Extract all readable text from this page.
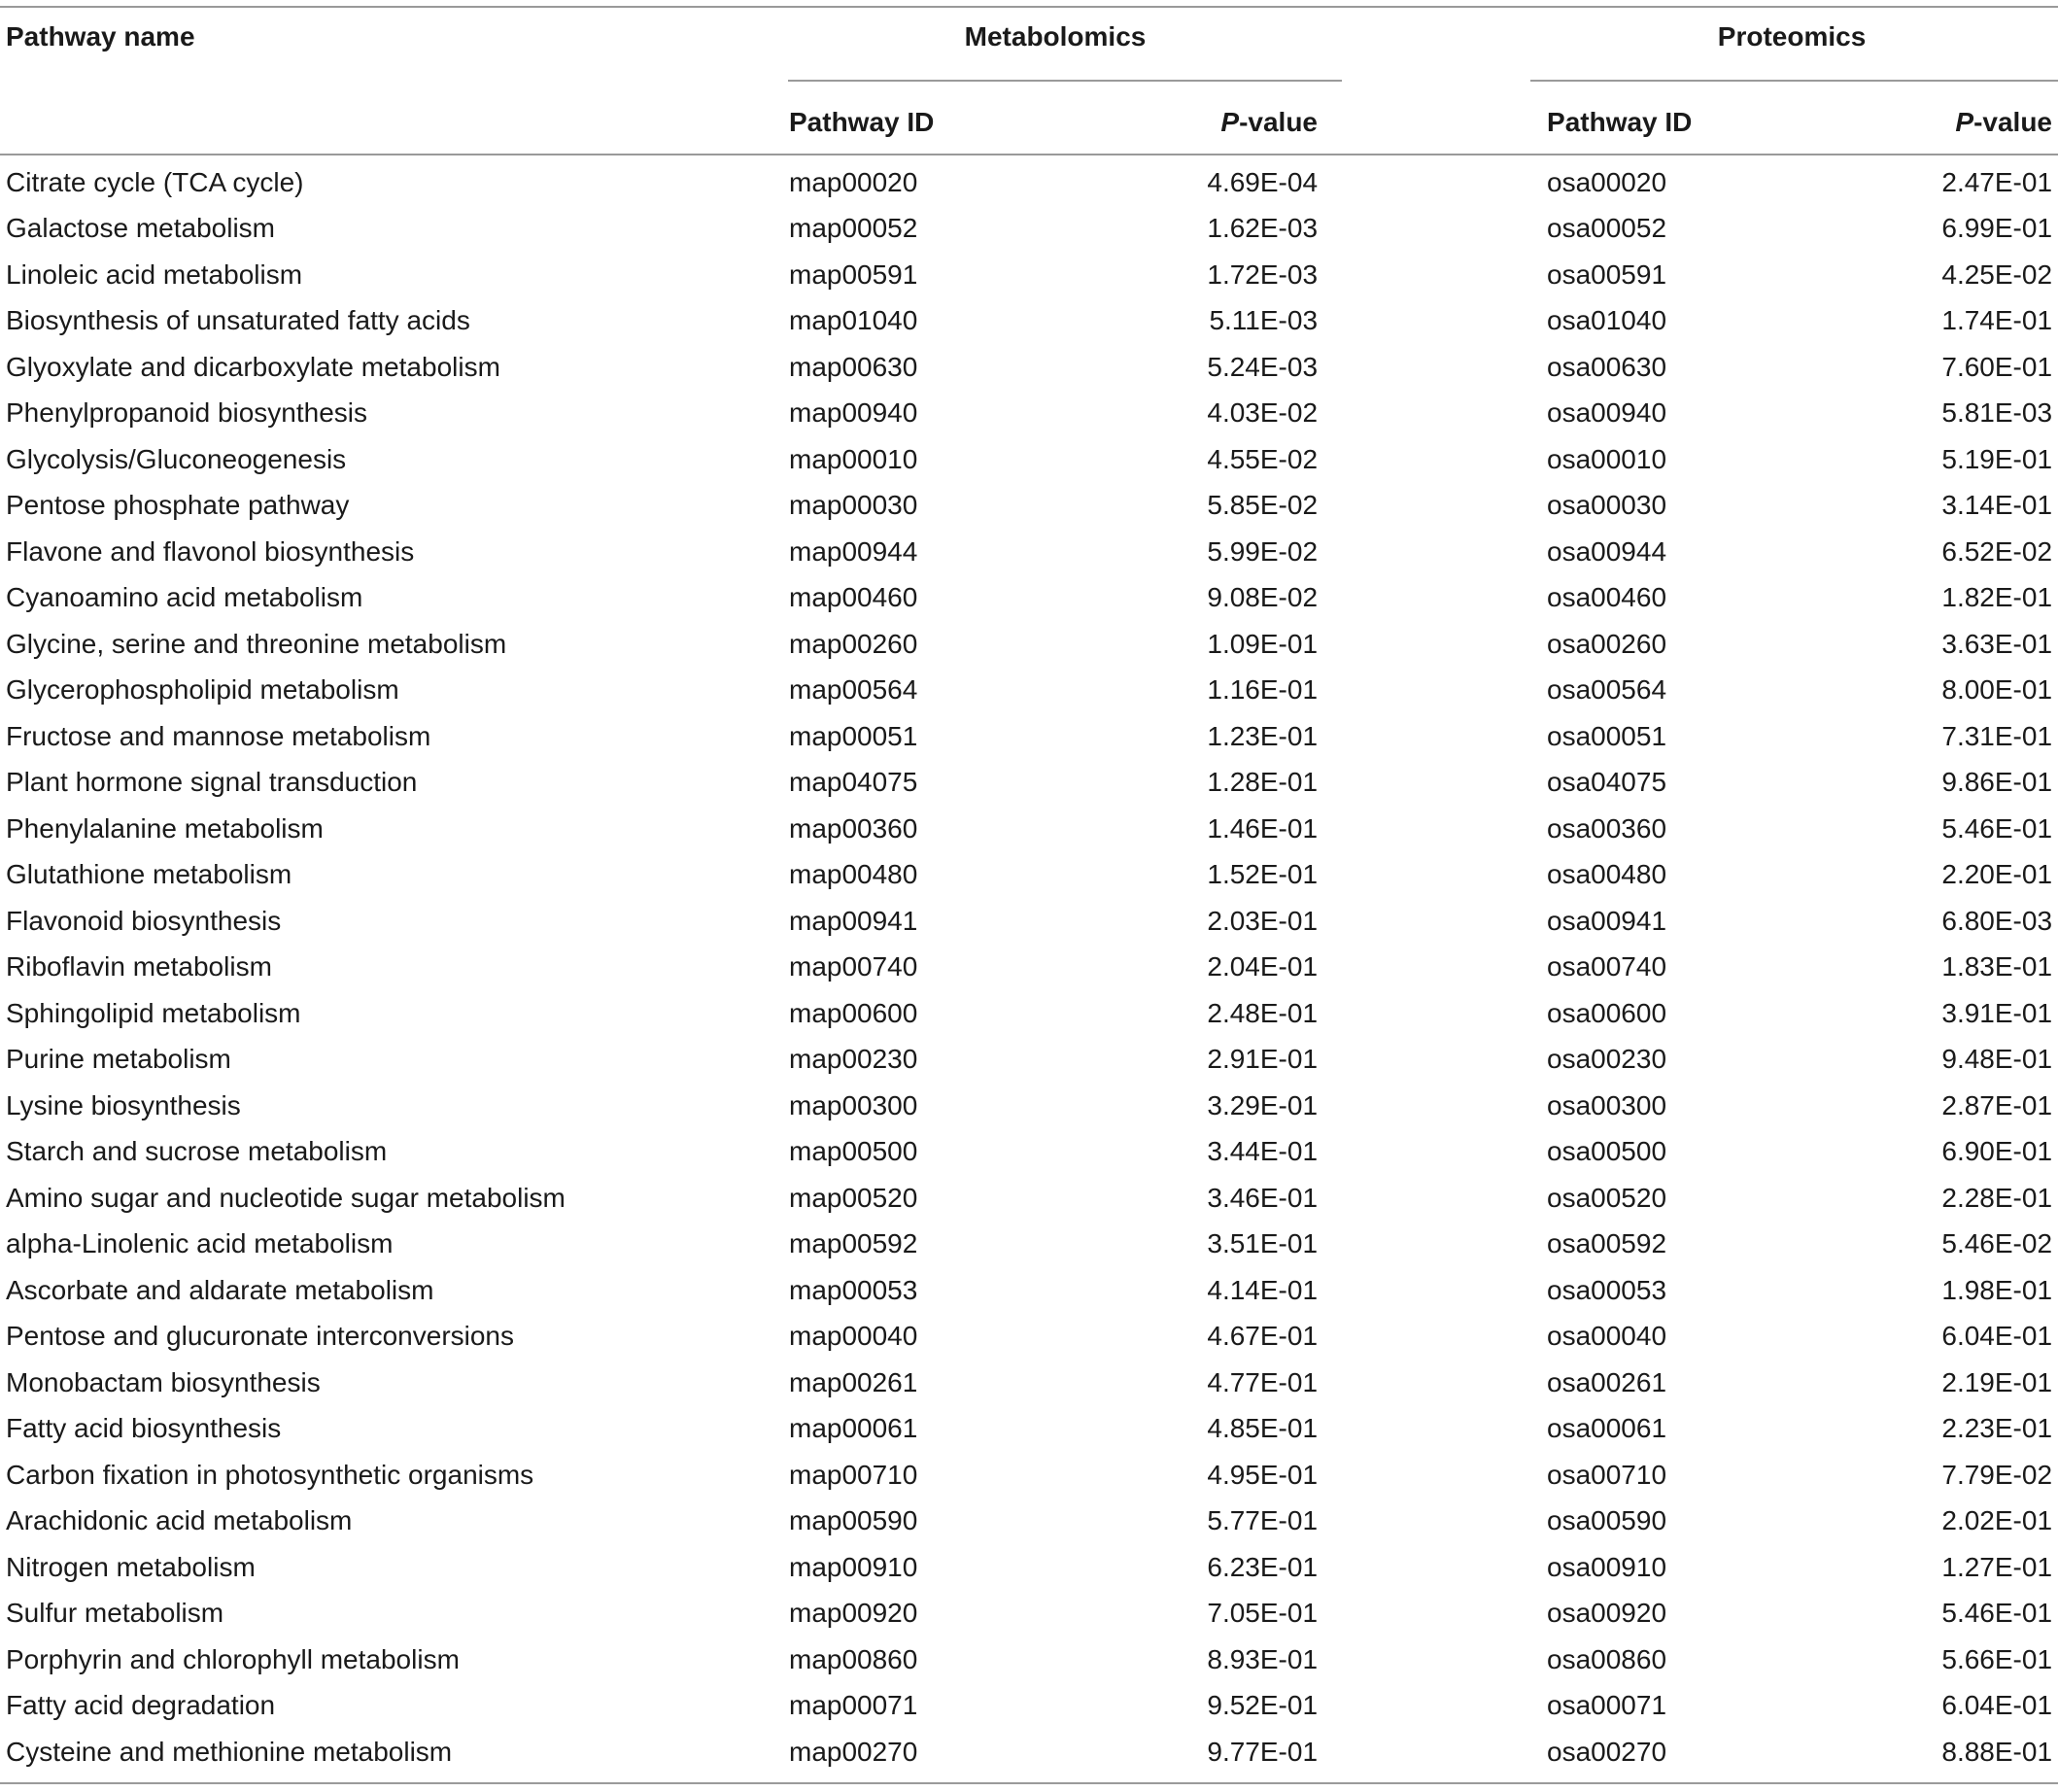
Pathway name	Metabolomics			Proteomics	
	Pathway ID	P-value		Pathway ID	P-value
Citrate cycle (TCA cycle)	map00020	4.69E-04		osa00020	2.47E-01
Galactose metabolism	map00052	1.62E-03		osa00052	6.99E-01
Linoleic acid metabolism	map00591	1.72E-03		osa00591	4.25E-02
Biosynthesis of unsaturated fatty acids	map01040	5.11E-03		osa01040	1.74E-01
Glyoxylate and dicarboxylate metabolism	map00630	5.24E-03		osa00630	7.60E-01
Phenylpropanoid biosynthesis	map00940	4.03E-02		osa00940	5.81E-03
Glycolysis/Gluconeogenesis	map00010	4.55E-02		osa00010	5.19E-01
Pentose phosphate pathway	map00030	5.85E-02		osa00030	3.14E-01
Flavone and flavonol biosynthesis	map00944	5.99E-02		osa00944	6.52E-02
Cyanoamino acid metabolism	map00460	9.08E-02		osa00460	1.82E-01
Glycine, serine and threonine metabolism	map00260	1.09E-01		osa00260	3.63E-01
Glycerophospholipid metabolism	map00564	1.16E-01		osa00564	8.00E-01
Fructose and mannose metabolism	map00051	1.23E-01		osa00051	7.31E-01
Plant hormone signal transduction	map04075	1.28E-01		osa04075	9.86E-01
Phenylalanine metabolism	map00360	1.46E-01		osa00360	5.46E-01
Glutathione metabolism	map00480	1.52E-01		osa00480	2.20E-01
Flavonoid biosynthesis	map00941	2.03E-01		osa00941	6.80E-03
Riboflavin metabolism	map00740	2.04E-01		osa00740	1.83E-01
Sphingolipid metabolism	map00600	2.48E-01		osa00600	3.91E-01
Purine metabolism	map00230	2.91E-01		osa00230	9.48E-01
Lysine biosynthesis	map00300	3.29E-01		osa00300	2.87E-01
Starch and sucrose metabolism	map00500	3.44E-01		osa00500	6.90E-01
Amino sugar and nucleotide sugar metabolism	map00520	3.46E-01		osa00520	2.28E-01
alpha-Linolenic acid metabolism	map00592	3.51E-01		osa00592	5.46E-02
Ascorbate and aldarate metabolism	map00053	4.14E-01		osa00053	1.98E-01
Pentose and glucuronate interconversions	map00040	4.67E-01		osa00040	6.04E-01
Monobactam biosynthesis	map00261	4.77E-01		osa00261	2.19E-01
Fatty acid biosynthesis	map00061	4.85E-01		osa00061	2.23E-01
Carbon fixation in photosynthetic organisms	map00710	4.95E-01		osa00710	7.79E-02
Arachidonic acid metabolism	map00590	5.77E-01		osa00590	2.02E-01
Nitrogen metabolism	map00910	6.23E-01		osa00910	1.27E-01
Sulfur metabolism	map00920	7.05E-01		osa00920	5.46E-01
Porphyrin and chlorophyll metabolism	map00860	8.93E-01		osa00860	5.66E-01
Fatty acid degradation	map00071	9.52E-01		osa00071	6.04E-01
Cysteine and methionine metabolism	map00270	9.77E-01		osa00270	8.88E-01
